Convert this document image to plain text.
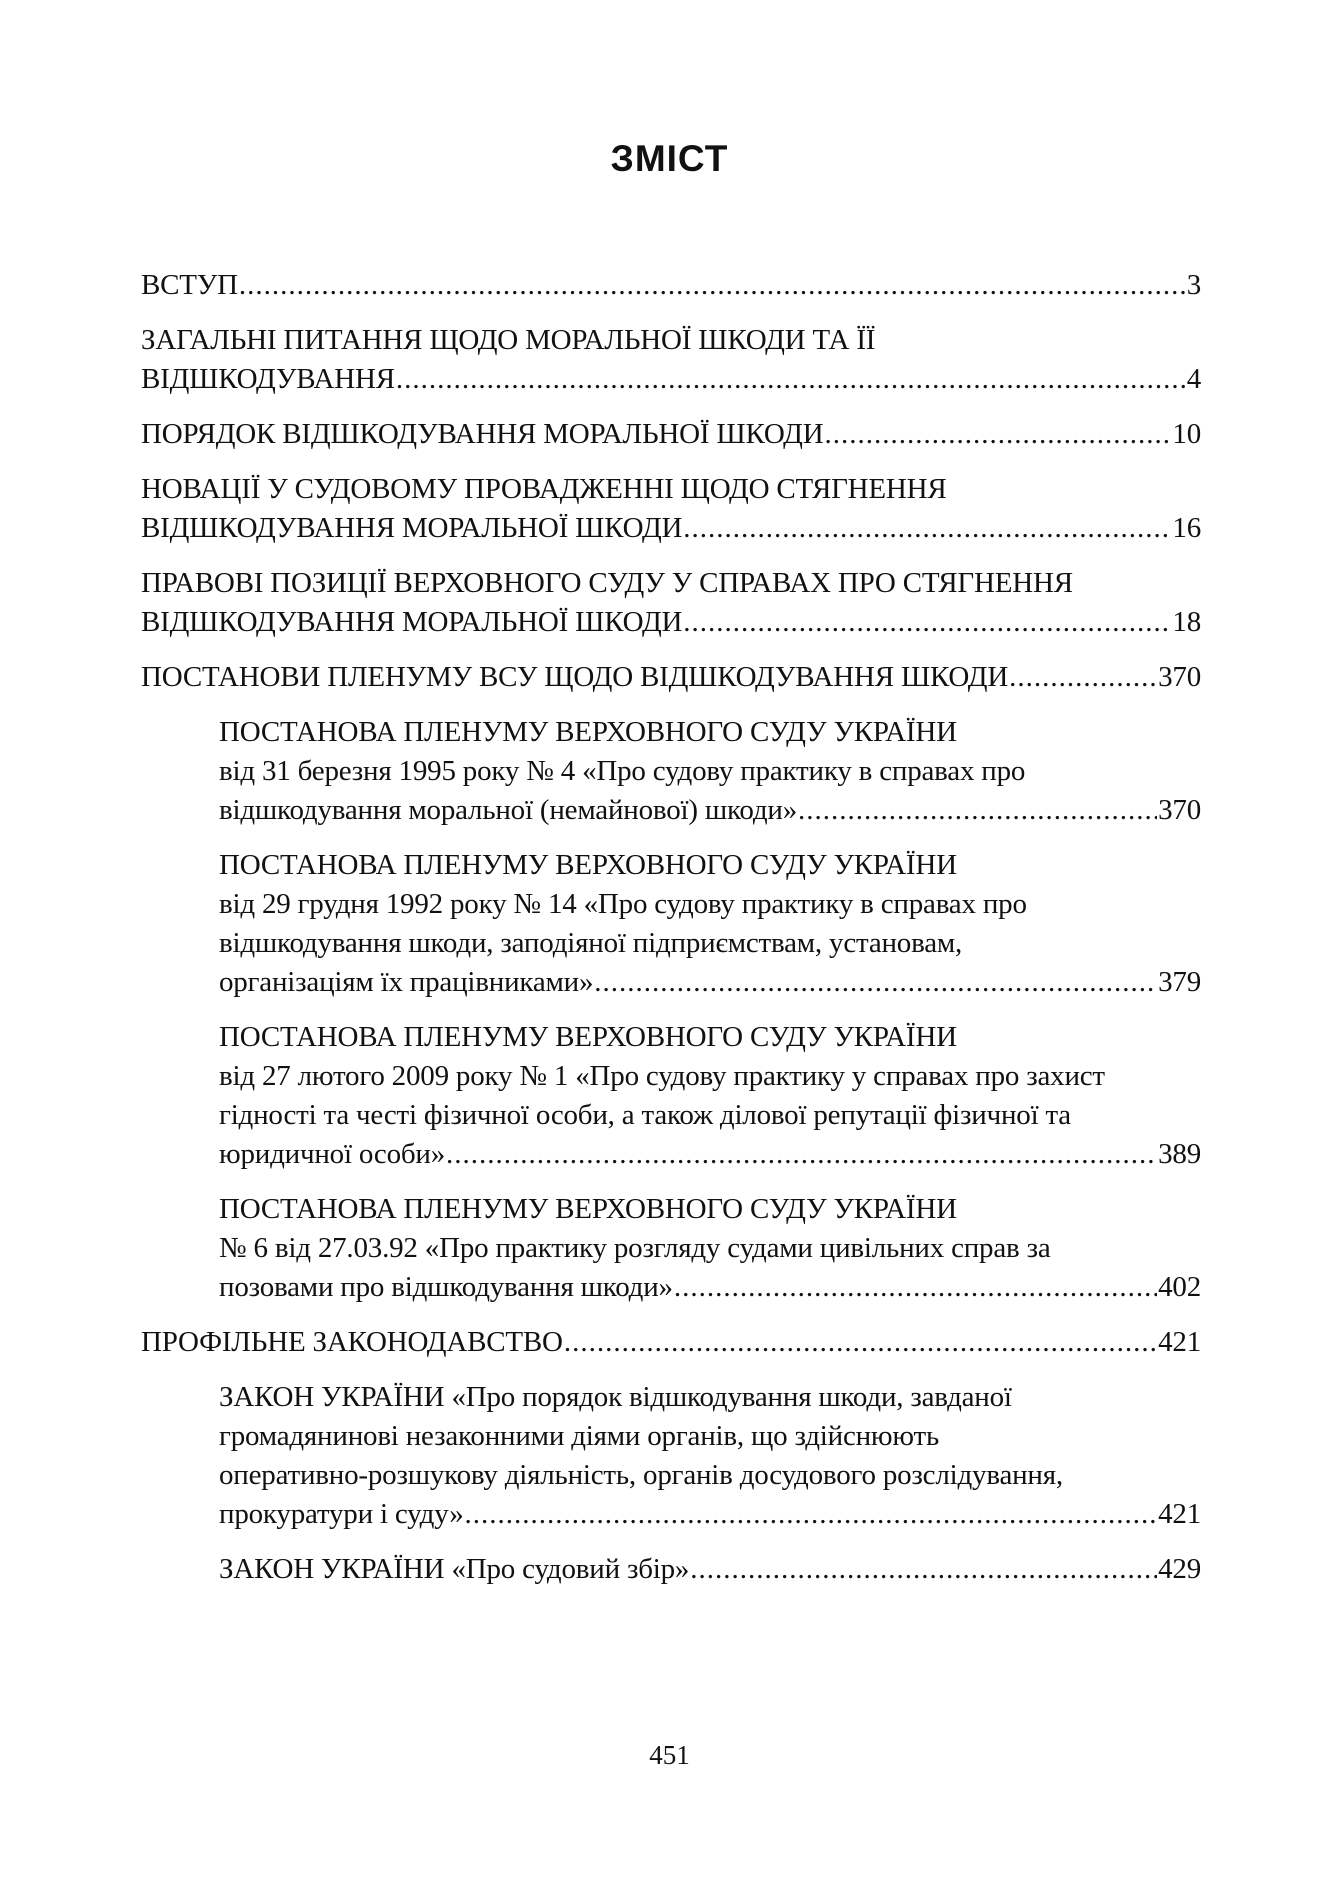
ЗМІСТ
ВСТУП .....	3
ЗАГАЛЬНІ ПИТАННЯ ЩОДО МОРАЛЬНОЇ ШКОДИ ТА ЇЇ
ВІДШКОДУВАННЯ .....	4
ПОРЯДОК ВІДШКОДУВАННЯ МОРАЛЬНОЇ ШКОДИ .....	10
НОВАЦІЇ У СУДОВОМУ ПРОВАДЖЕННІ ЩОДО СТЯГНЕННЯ
ВІДШКОДУВАННЯ МОРАЛЬНОЇ ШКОДИ .....	16
ПРАВОВІ ПОЗИЦІЇ ВЕРХОВНОГО СУДУ У СПРАВАХ ПРО СТЯГНЕННЯ
ВІДШКОДУВАННЯ МОРАЛЬНОЇ ШКОДИ .....	18
ПОСТАНОВИ ПЛЕНУМУ ВСУ ЩОДО ВІДШКОДУВАННЯ ШКОДИ .....	370
ПОСТАНОВА ПЛЕНУМУ ВЕРХОВНОГО СУДУ УКРАЇНИ
від 31 березня 1995 року № 4 «Про судову практику в справах про
відшкодування моральної (немайнової) шкоди» .....	370
ПОСТАНОВА ПЛЕНУМУ ВЕРХОВНОГО СУДУ УКРАЇНИ
від 29 грудня 1992 року № 14 «Про судову практику в справах про
відшкодування шкоди, заподіяної підприємствам, установам,
організаціям їх працівниками» .....	379
ПОСТАНОВА ПЛЕНУМУ ВЕРХОВНОГО СУДУ УКРАЇНИ
від 27 лютого 2009 року № 1 «Про судову практику у справах про захист
гідності та честі фізичної особи, а також ділової репутації фізичної та
юридичної особи» .....	389
ПОСТАНОВА ПЛЕНУМУ ВЕРХОВНОГО СУДУ УКРАЇНИ
№ 6 від 27.03.92 «Про практику розгляду судами цивільних справ за
позовами про відшкодування шкоди» .....	402
ПРОФІЛЬНЕ ЗАКОНОДАВСТВО .....	421
ЗАКОН УКРАЇНИ «Про порядок відшкодування шкоди, завданої
громадянинові незаконними діями органів, що здійснюють
оперативно-розшукову діяльність, органів досудового розслідування,
прокуратури і суду» .....	421
ЗАКОН УКРАЇНИ «Про судовий збір» .....	429
451
